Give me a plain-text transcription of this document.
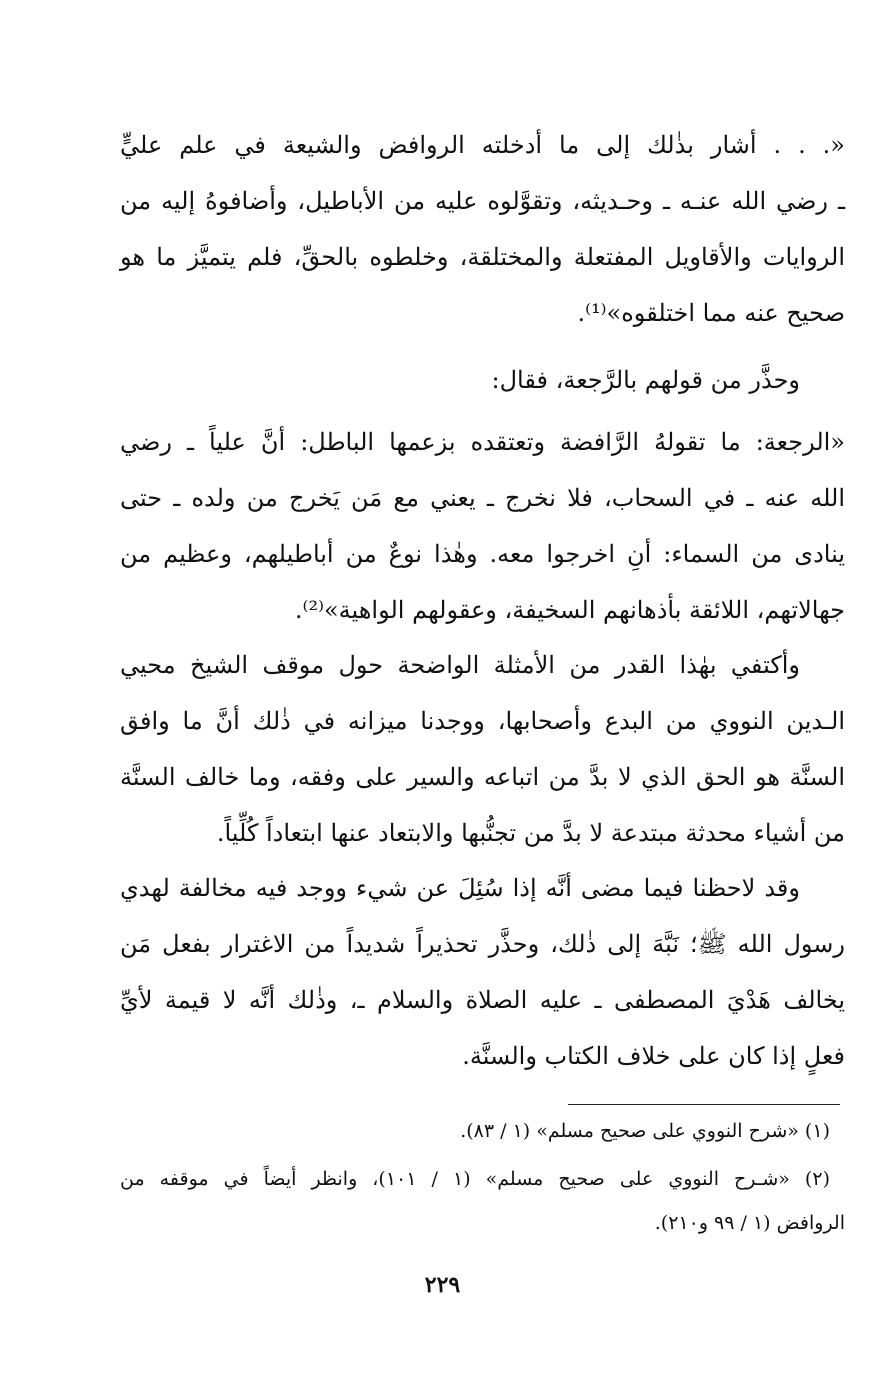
«. . . أشار بذٰلك إلى ما أدخلته الروافض والشيعة في علم عليٍّ
ـ رضي الله عنـه ـ وحـديثه، وتقوَّلوه عليه من الأباطيل، وأضافوهُ إليه من
الروايات والأقاويل المفتعلة والمختلقة، وخلطوه بالحقِّ، فلم يتميَّز ما هو
صحيح عنه مما اختلقوه»⁽¹⁾.
وحذَّر من قولهم بالرَّجعة، فقال:
«الرجعة: ما تقولهُ الرَّافضة وتعتقده بزعمها الباطل: أنَّ علياً ـ رضي
الله عنه ـ في السحاب، فلا نخرج ـ يعني مع مَن يَخرج من ولده ـ حتى
ينادى من السماء: أنِ اخرجوا معه. وهٰذا نوعٌ من أباطيلهم، وعظيم من
جهالاتهم، اللائقة بأذهانهم السخيفة، وعقولهم الواهية»⁽²⁾.
وأكتفي بهٰذا القدر من الأمثلة الواضحة حول موقف الشيخ محيي
الـدين النووي من البدع وأصحابها، ووجدنا ميزانه في ذٰلك أنَّ ما وافق
السنَّة هو الحق الذي لا بدَّ من اتباعه والسير على وفقه، وما خالف السنَّة
من أشياء محدثة مبتدعة لا بدَّ من تجنُّبها والابتعاد عنها ابتعاداً كُلِّياً.
وقد لاحظنا فيما مضى أنَّه إذا سُئِلَ عن شيء ووجد فيه مخالفة لهدي
رسول الله ﷺ؛ نَبَّهَ إلى ذٰلك، وحذَّر تحذيراً شديداً من الاغترار بفعل مَن
يخالف هَدْيَ المصطفى ـ عليه الصلاة والسلام ـ، وذٰلك أنَّه لا قيمة لأيِّ
فعلٍ إذا كان على خلاف الكتاب والسنَّة.
(١) «شرح النووي على صحيح مسلم» (١ / ٨٣).
(٢) «شـرح النووي على صحيح مسلم» (١ / ١٠١)، وانظر أيضاً في موقفه من
الروافض (١ / ٩٩ و٢١٠).
٢٢٩
